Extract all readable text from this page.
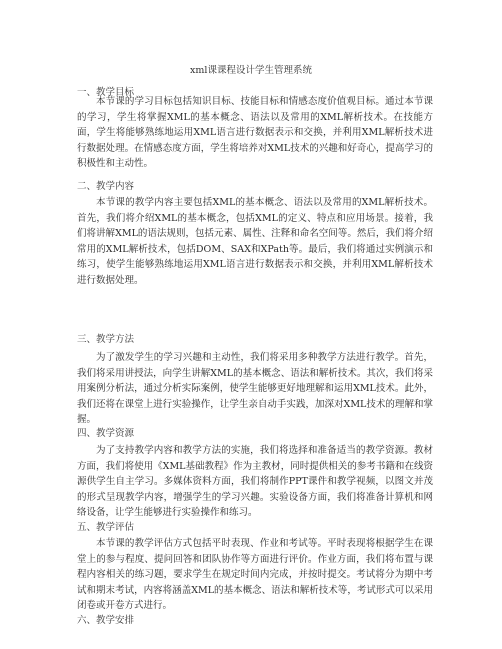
xml课课程设计学生管理系统
一、教学目标

本节课的学习目标包括知识目标、技能目标和情感态度价值观目标。通过本节课的学习，学生将掌握XML的基本概念、语法以及常用的XML解析技术。在技能方面，学生将能够熟练地运用XML语言进行数据表示和交换，并利用XML解析技术进行数据处理。在情感态度方面，学生将培养对XML技术的兴趣和好奇心，提高学习的积极性和主动性。

二、教学内容

本节课的教学内容主要包括XML的基本概念、语法以及常用的XML解析技术。首先，我们将介绍XML的基本概念，包括XML的定义、特点和应用场景。接着，我们将讲解XML的语法规则，包括元素、属性、注释和命名空间等。然后，我们将介绍常用的XML解析技术，包括DOM、SAX和XPath等。最后，我们将通过实例演示和练习，使学生能够熟练地运用XML语言进行数据表示和交换，并利用XML解析技术进行数据处理。

三、教学方法

为了激发学生的学习兴趣和主动性，我们将采用多种教学方法进行教学。首先，我们将采用讲授法，向学生讲解XML的基本概念、语法和解析技术。其次，我们将采用案例分析法，通过分析实际案例，使学生能够更好地理解和运用XML技术。此外，我们还将在课堂上进行实验操作，让学生亲自动手实践，加深对XML技术的理解和掌握。

四、教学资源

为了支持教学内容和教学方法的实施，我们将选择和准备适当的教学资源。教材方面，我们将使用《XML基础教程》作为主教材，同时提供相关的参考书籍和在线资源供学生自主学习。多媒体资料方面，我们将制作PPT课件和教学视频，以图文并茂的形式呈现教学内容，增强学生的学习兴趣。实验设备方面，我们将准备计算机和网络设备，让学生能够进行实验操作和练习。

五、教学评估

本节课的教学评估方式包括平时表现、作业和考试等。平时表现将根据学生在课堂上的参与程度、提问回答和团队协作等方面进行评价。作业方面，我们将布置与课程内容相关的练习题，要求学生在规定时间内完成，并按时提交。考试将分为期中考试和期末考试，内容将涵盖XML的基本概念、语法和解析技术等，考试形式可以采用闭卷或开卷方式进行。

六、教学安排
